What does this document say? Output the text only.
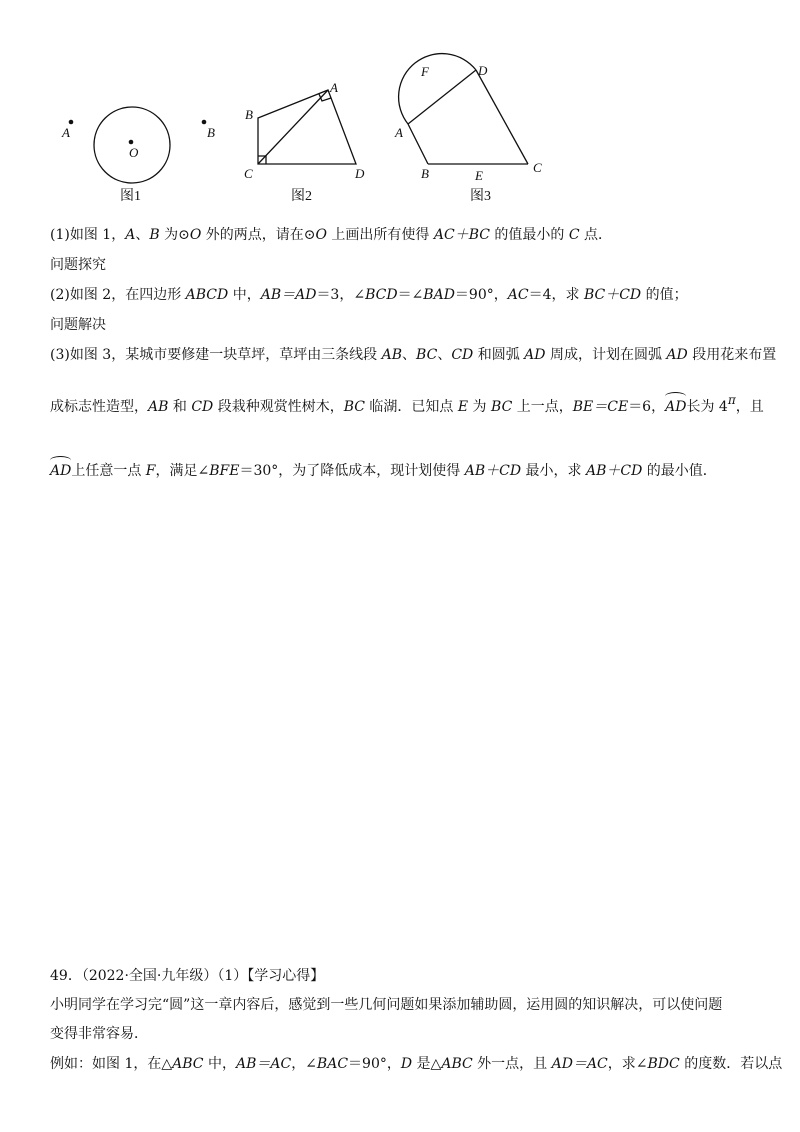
A
O
B
图1
B
A
C	D
图2
F	D
A
B	E
C
图3
(1)如图 1，A、B 为⊙O 外的两点，请在⊙O 上画出所有使得 AC＋BC 的值最小的 C 点．
问题探究
(2)如图 2，在四边形 ABCD 中，AB＝AD＝3，∠BCD＝∠BAD＝90°，AC＝4，求 BC＋CD 的值；
问题解决
(3)如图 3，某城市要修建一块草坪，草坪由三条线段 AB、BC、CD 和圆弧 AD 周成，计划在圆弧 AD 段用花来布置
成标志性造型，AB 和 CD 段栽种观赏性树木，BC 临湖．已知点 E 为 BC 上一点，BE＝CE＝6，AD长为 4π，且
AD上任意一点 F，满足∠BFE＝30°，为了降低成本，现计划使得 AB＋CD 最小，求 AB＋CD 的最小值．
49．（2022·全国·九年级）（1）【学习心得】
小明同学在学习完“圆”这一章内容后，感觉到一些几何问题如果添加辅助圆，运用圆的知识解决，可以使问题
变得非常容易．
例如：如图 1，在△ABC 中，AB＝AC，∠BAC＝90°，D 是△ABC 外一点，且 AD＝AC，求∠BDC 的度数．若以点
